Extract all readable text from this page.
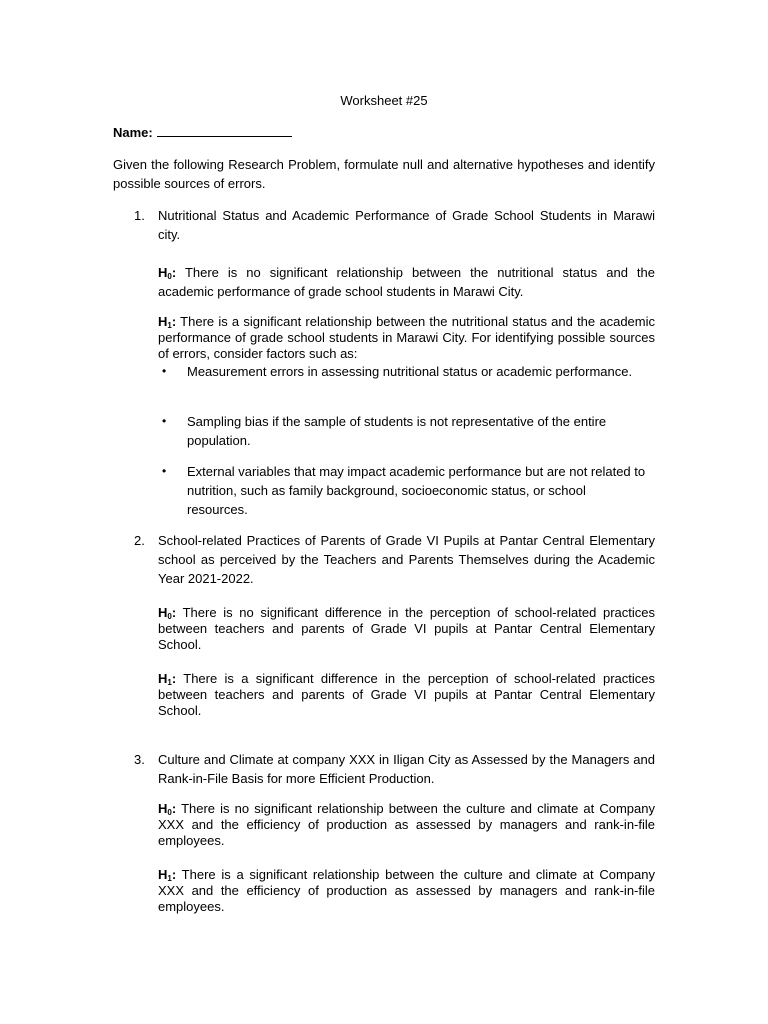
Worksheet #25
Name:

Given the following Research Problem, formulate null and alternative hypotheses and identify possible sources of errors.

1. Nutritional Status and Academic Performance of Grade School Students in Marawi city.

$H_0$: There is no significant relationship between the nutritional status and the academic performance of grade school students in Marawi City.

$H_1$: There is a significant relationship between the nutritional status and the academic performance of grade school students in Marawi City. For identifying possible sources of errors, consider factors such as:

• Measurement errors in assessing nutritional status or academic performance.

• Sampling bias if the sample of students is not representative of the entire population.

• External variables that may impact academic performance but are not related to nutrition, such as family background, socioeconomic status, or school resources.

2. School-related Practices of Parents of Grade VI Pupils at Pantar Central Elementary school as perceived by the Teachers and Parents Themselves during the Academic Year 2021-2022.

$H_0$: There is no significant difference in the perception of school-related practices between teachers and parents of Grade VI pupils at Pantar Central Elementary School.

$H_1$: There is a significant difference in the perception of school-related practices between teachers and parents of Grade VI pupils at Pantar Central Elementary School.

3. Culture and Climate at company XXX in Iligan City as Assessed by the Managers and Rank-in-File Basis for more Efficient Production.

$H_0$: There is no significant relationship between the culture and climate at Company XXX and the efficiency of production as assessed by managers and rank-in-file employees.

$H_1$: There is a significant relationship between the culture and climate at Company XXX and the efficiency of production as assessed by managers and rank-in-file employees.
